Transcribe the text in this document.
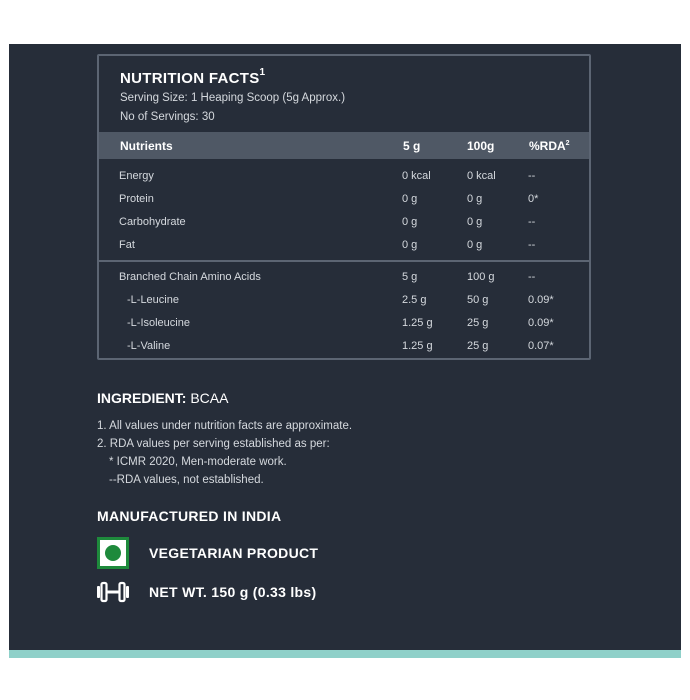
NUTRITION FACTS$^1$
Serving Size: 1 Heaping Scoop (5g Approx.)
No of Servings: 30
Nutrients	5 g	100g	%RDA$^2$
Energy	0 kcal	0 kcal	--
Protein	0 g	0 g	0*
Carbohydrate	0 g	0 g	--
Fat	0 g	0 g	--
Branched Chain Amino Acids	5 g	100 g	--
-L-Leucine	2.5 g	50 g	0.09*
-L-Isoleucine	1.25 g	25 g	0.09*
-L-Valine	1.25 g	25 g	0.07*
INGREDIENT: BCAA
1. All values under nutrition facts are approximate.
2. RDA values per serving established as per:
* ICMR 2020, Men-moderate work.
--RDA values, not established.
MANUFACTURED IN INDIA
VEGETARIAN PRODUCT
NET WT. 150 g (0.33 lbs)
